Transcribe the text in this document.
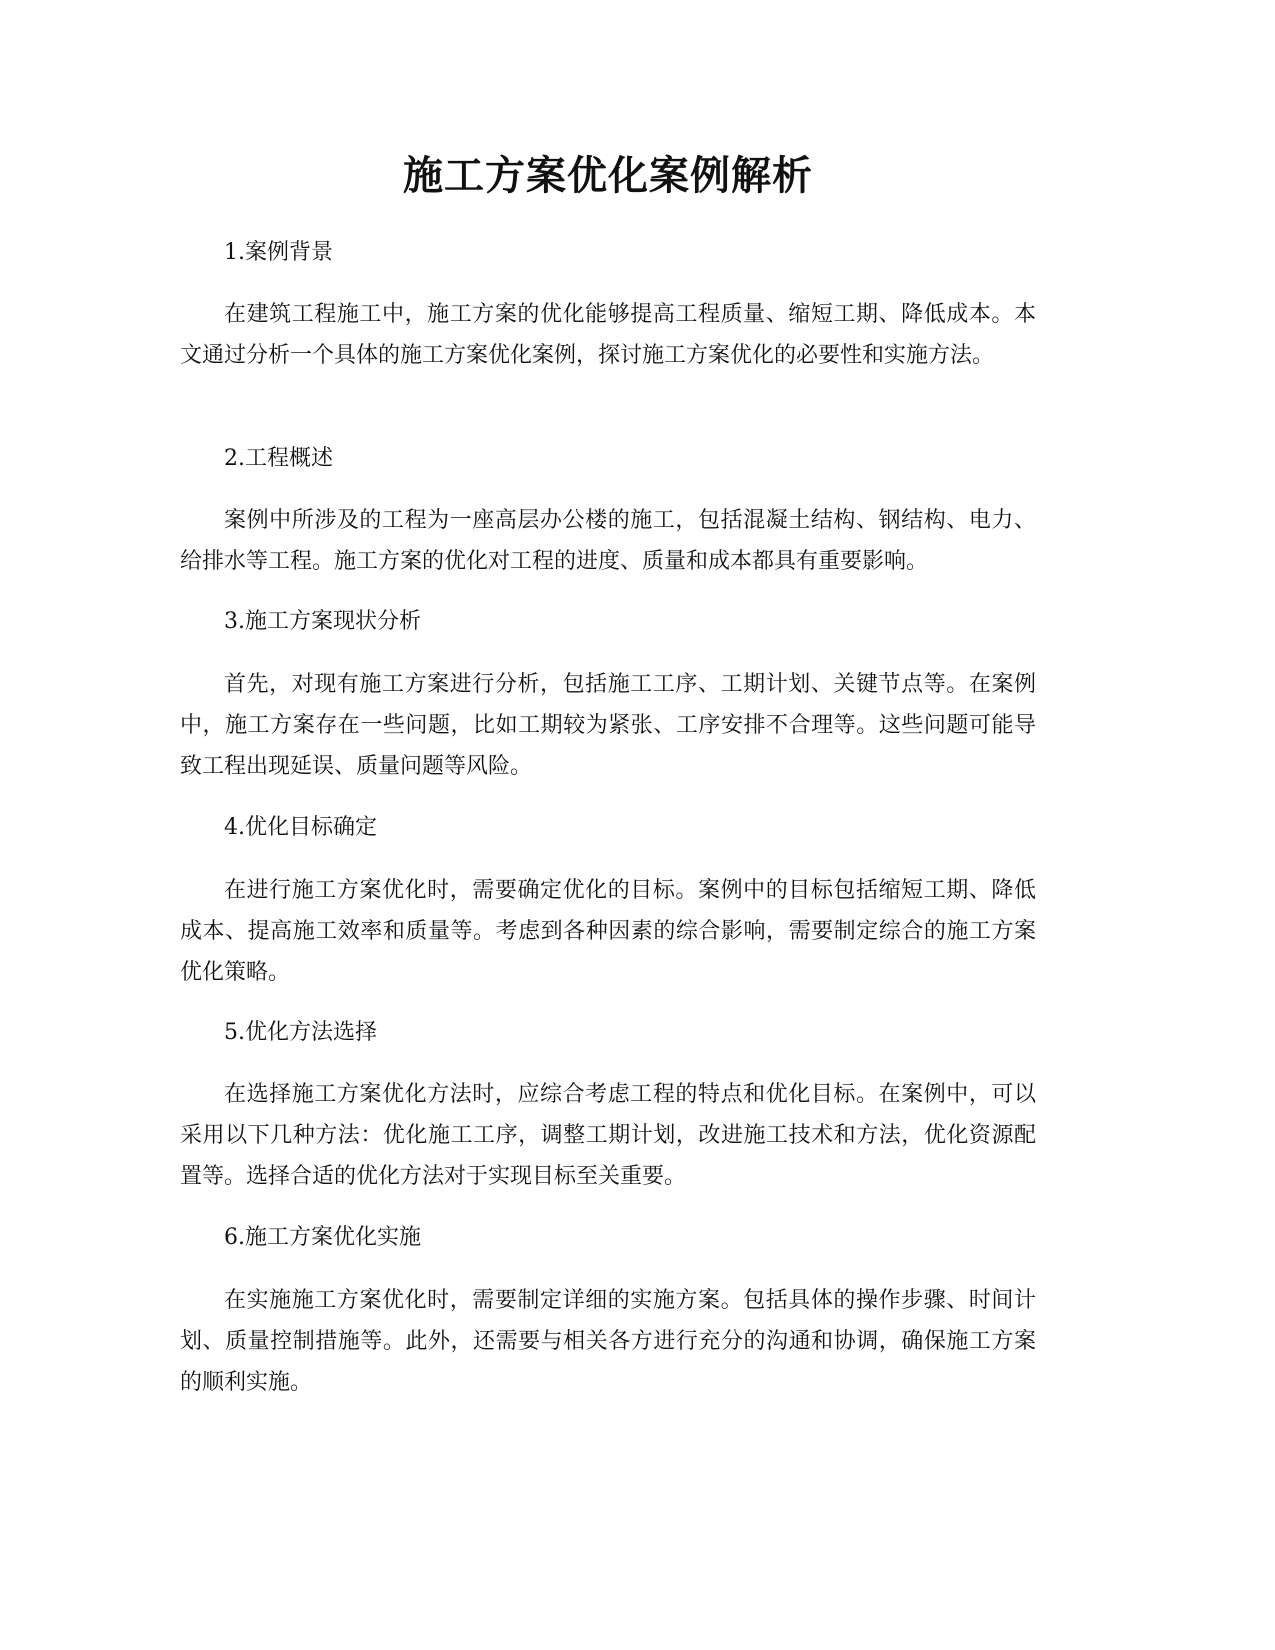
施工方案优化案例解析

1.案例背景

在建筑工程施工中，施工方案的优化能够提高工程质量、缩短工期、降低成本。本文通过分析一个具体的施工方案优化案例，探讨施工方案优化的必要性和实施方法。

2.工程概述

案例中所涉及的工程为一座高层办公楼的施工，包括混凝土结构、钢结构、电力、给排水等工程。施工方案的优化对工程的进度、质量和成本都具有重要影响。

3.施工方案现状分析

首先，对现有施工方案进行分析，包括施工工序、工期计划、关键节点等。在案例中，施工方案存在一些问题，比如工期较为紧张、工序安排不合理等。这些问题可能导致工程出现延误、质量问题等风险。

4.优化目标确定

在进行施工方案优化时，需要确定优化的目标。案例中的目标包括缩短工期、降低成本、提高施工效率和质量等。考虑到各种因素的综合影响，需要制定综合的施工方案优化策略。

5.优化方法选择

在选择施工方案优化方法时，应综合考虑工程的特点和优化目标。在案例中，可以采用以下几种方法：优化施工工序，调整工期计划，改进施工技术和方法，优化资源配置等。选择合适的优化方法对于实现目标至关重要。

6.施工方案优化实施

在实施施工方案优化时，需要制定详细的实施方案。包括具体的操作步骤、时间计划、质量控制措施等。此外，还需要与相关各方进行充分的沟通和协调，确保施工方案的顺利实施。
